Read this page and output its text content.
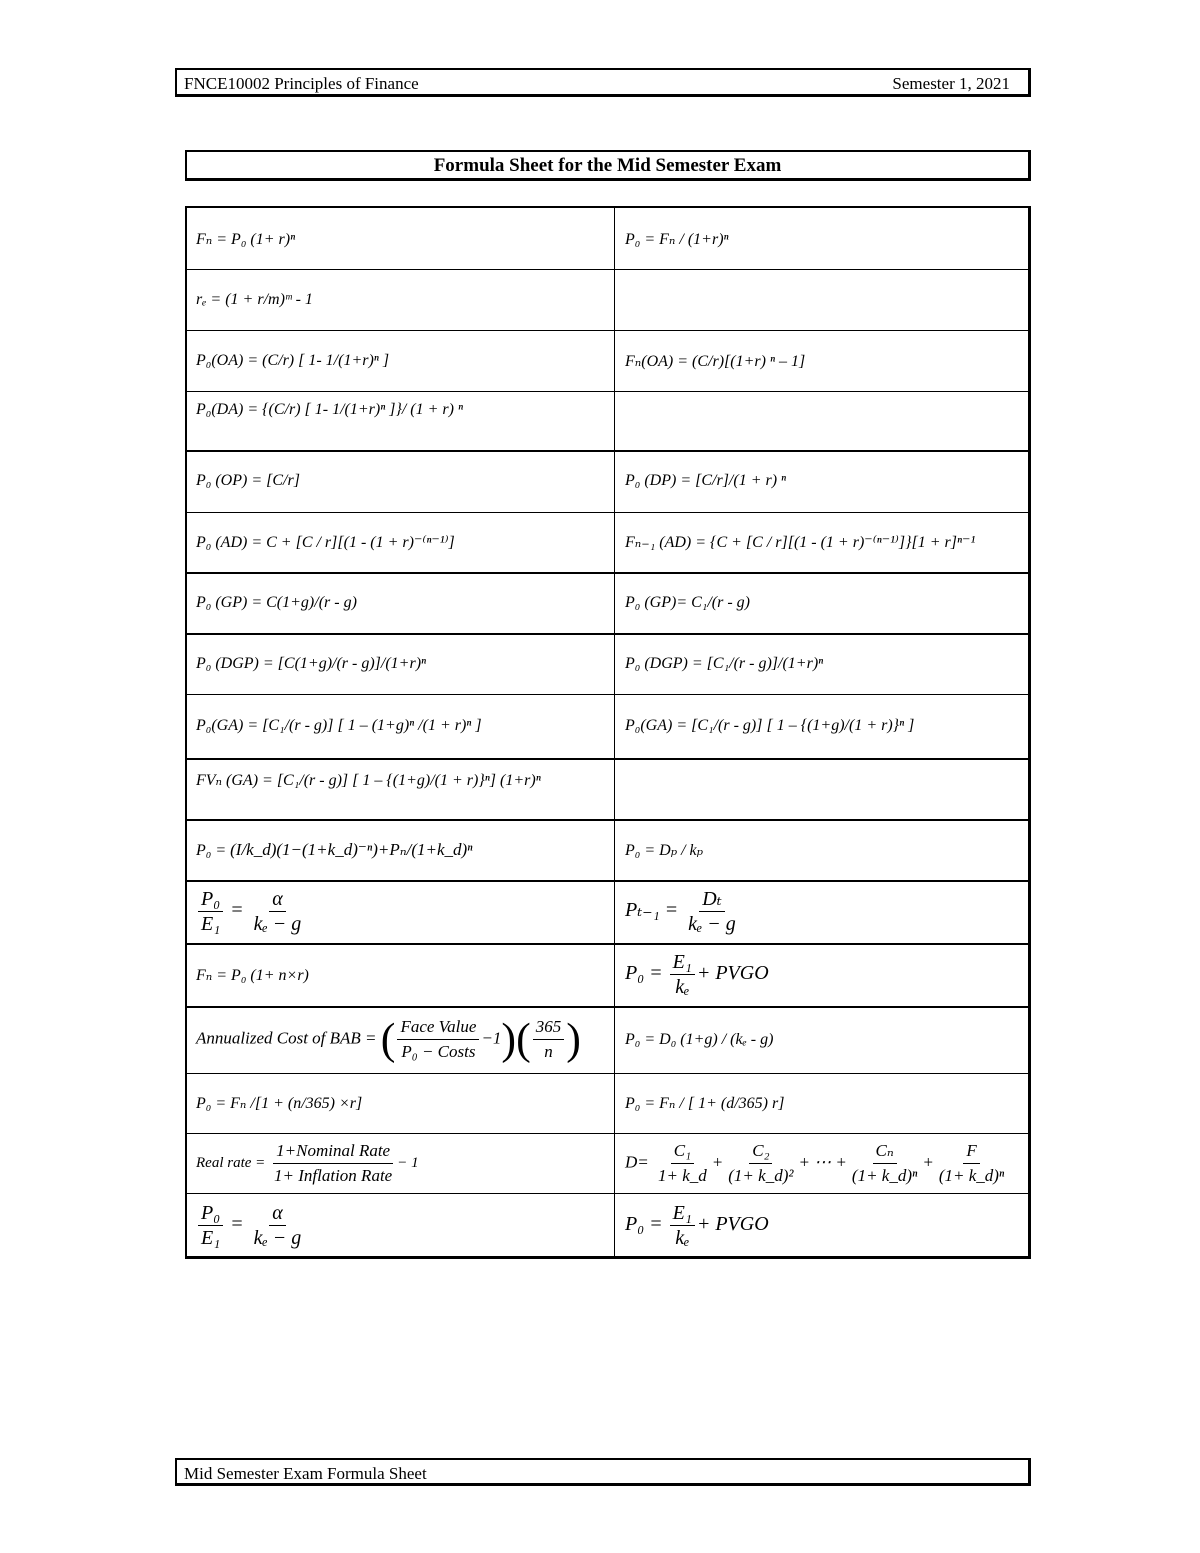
FNCE10002 Principles of Finance	Semester 1, 2021
Formula Sheet for the Mid Semester Exam
Fₙ = P₀ (1+ r)ⁿ	P₀ = Fₙ / (1+r)ⁿ
rₑ = (1 + r/m)ᵐ - 1
P₀(OA) = (C/r) [ 1- 1/(1+r)ⁿ ]	Fₙ(OA) = (C/r)[(1+r) ⁿ – 1]
P₀(DA) = {(C/r) [ 1- 1/(1+r)ⁿ ]}/ (1 + r) ⁿ
P₀ (OP) = [C/r]	P₀ (DP) = [C/r]/(1 + r) ⁿ
P₀ (AD) = C + [C / r][(1 - (1 + r)⁻⁽ⁿ⁻¹⁾]	Fₙ₋₁ (AD) = {C + [C / r][(1 - (1 + r)⁻⁽ⁿ⁻¹⁾]}[1 + r]ⁿ⁻¹
P₀ (GP) = C(1+g)/(r - g)	P₀ (GP)= C₁/(r - g)
P₀ (DGP) = [C(1+g)/(r - g)]/(1+r)ⁿ	P₀ (DGP) = [C₁/(r - g)]/(1+r)ⁿ
P₀(GA) = [C₁/(r - g)] [ 1 – (1+g)ⁿ /(1 + r)ⁿ ]	P₀(GA) = [C₁/(r - g)] [ 1 – {(1+g)/(1 + r)}ⁿ ]
FVₙ (GA) = [C₁/(r - g)] [ 1 – {(1+g)/(1 + r)}ⁿ] (1+r)ⁿ
P₀ = (I/k_d)(1−(1+k_d)⁻ⁿ)+Pₙ/(1+k_d)ⁿ	P₀ = Dₚ / kₚ
$\frac{\text{P₀}}{\text{E₁}} = \frac{\alpha}{\text{kₑ − g}}$	$P_{t-1} = \frac{\text{Dₜ}}{\text{kₑ − g}}$
Fₙ = P₀ (1+ n×r)	$P_0 = \frac{\text{E₁}}{\text{kₑ}}$ + PVGO
Annualized Cost of BAB = ( $\frac{\text{Face Value}}{\text{P₀ − Costs}} -1)( \frac{365}{n}$ )	P₀ = D₀ (1+g) / (kₑ - g)
P₀ = Fₙ /[1 + (n/365) ×r]	P₀ = Fₙ / [ 1+ (d/365) r]
Real rate = $\frac{\text{1+Nominal Rate}}{\text{1+ Inflation Rate}} - 1$	$D= \frac{\text{C₁}}{1+ k\_d} + \frac{\text{C₂}}{\text{(1+ k\_d)²}}$ + ⋯ + $\frac{\text{Cₙ}}{\text{(1+ k\_d)ⁿ}} + \frac{F}{\text{(1+ k\_d)ⁿ}}$
$\frac{\text{P₀}}{\text{E₁}} = \frac{\alpha}{\text{kₑ − g}}$	$P_0 = \frac{\text{E₁}}{\text{kₑ}}$ + PVGO
Mid Semester Exam Formula Sheet
